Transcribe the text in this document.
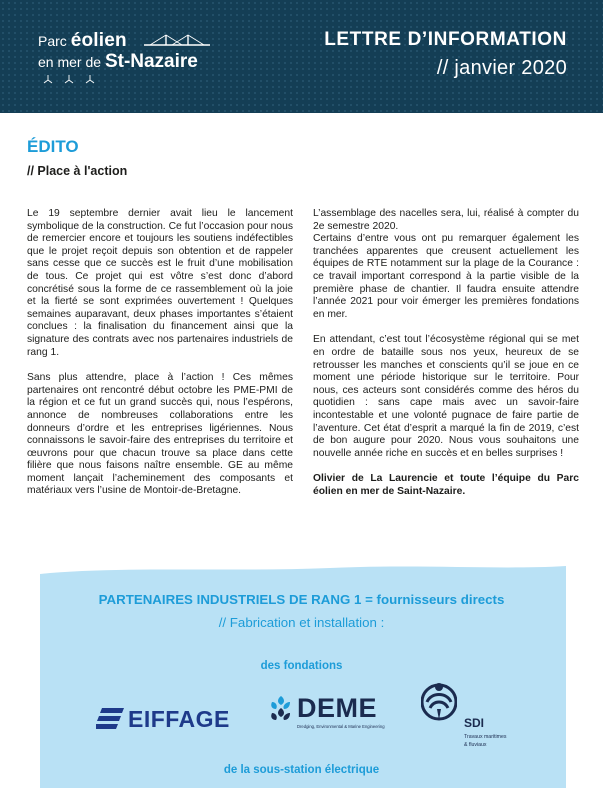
Parc éolien
en mer de St-Nazaire
LETTRE D’INFORMATION
// janvier 2020
ÉDITO
// Place à l'action

Le 19 septembre dernier avait lieu le lancement symbolique de la construction. Ce fut l’occasion pour nous de remercier encore et toujours les soutiens indéfectibles que le projet reçoit depuis son obtention et de rappeler sans cesse que ce succès est le fruit d’une mobilisation de tous. Ce projet qui est vôtre s’est donc d’abord concrétisé sous la forme de ce rassemblement où la joie et la fierté se sont exprimées ouvertement ! Quelques semaines auparavant, deux phases importantes s’étaient conclues : la finalisation du financement ainsi que la signature des contrats avec nos partenaires industriels de rang 1.

Sans plus attendre, place à l’action ! Ces mêmes partenaires ont rencontré début octobre les PME-PMI de la région et ce fut un grand succès qui, nous l’espérons, annonce de nombreuses collaborations entre les donneurs d’ordre et les entreprises ligériennes. Nous connaissons le savoir-faire des entreprises du territoire et œuvrons pour que chacun trouve sa place dans cette filière que nous faisons naître ensemble. GE au même moment lançait l’acheminement des composants et matériaux vers l’usine de Montoir-de-Bretagne.

L’assemblage des nacelles sera, lui, réalisé à compter du 2e semestre 2020.
Certains d’entre vous ont pu remarquer également les tranchées apparentes que creusent actuellement les équipes de RTE notamment sur la plage de la Courance : ce travail important correspond à la partie visible de la première phase de chantier. Il faudra ensuite attendre l’année 2021 pour voir émerger les premières fondations en mer.

En attendant, c’est tout l’écosystème régional qui se met en ordre de bataille sous nos yeux, heureux de se retrousser les manches et conscients qu’il se joue en ce moment une période historique sur le territoire. Pour nous, ces acteurs sont considérés comme des héros du quotidien : sans cape mais avec un savoir-faire incontestable et une volonté pugnace de faire partie de l’aventure. Cet état d’esprit a marqué la fin de 2019, c’est de bon augure pour 2020. Nous vous souhaitons une nouvelle année riche en succès et en belles surprises !

Olivier de La Laurencie et toute l’équipe du Parc éolien en mer de Saint-Nazaire.

PARTENAIRES INDUSTRIELS DE RANG 1 = fournisseurs directs
// Fabrication et installation :
des fondations
EIFFAGE DEME
Dredging, Environmental & Marine Engineering	SDI
Travaux maritimes
& fluviaux
de la sous-station électrique
